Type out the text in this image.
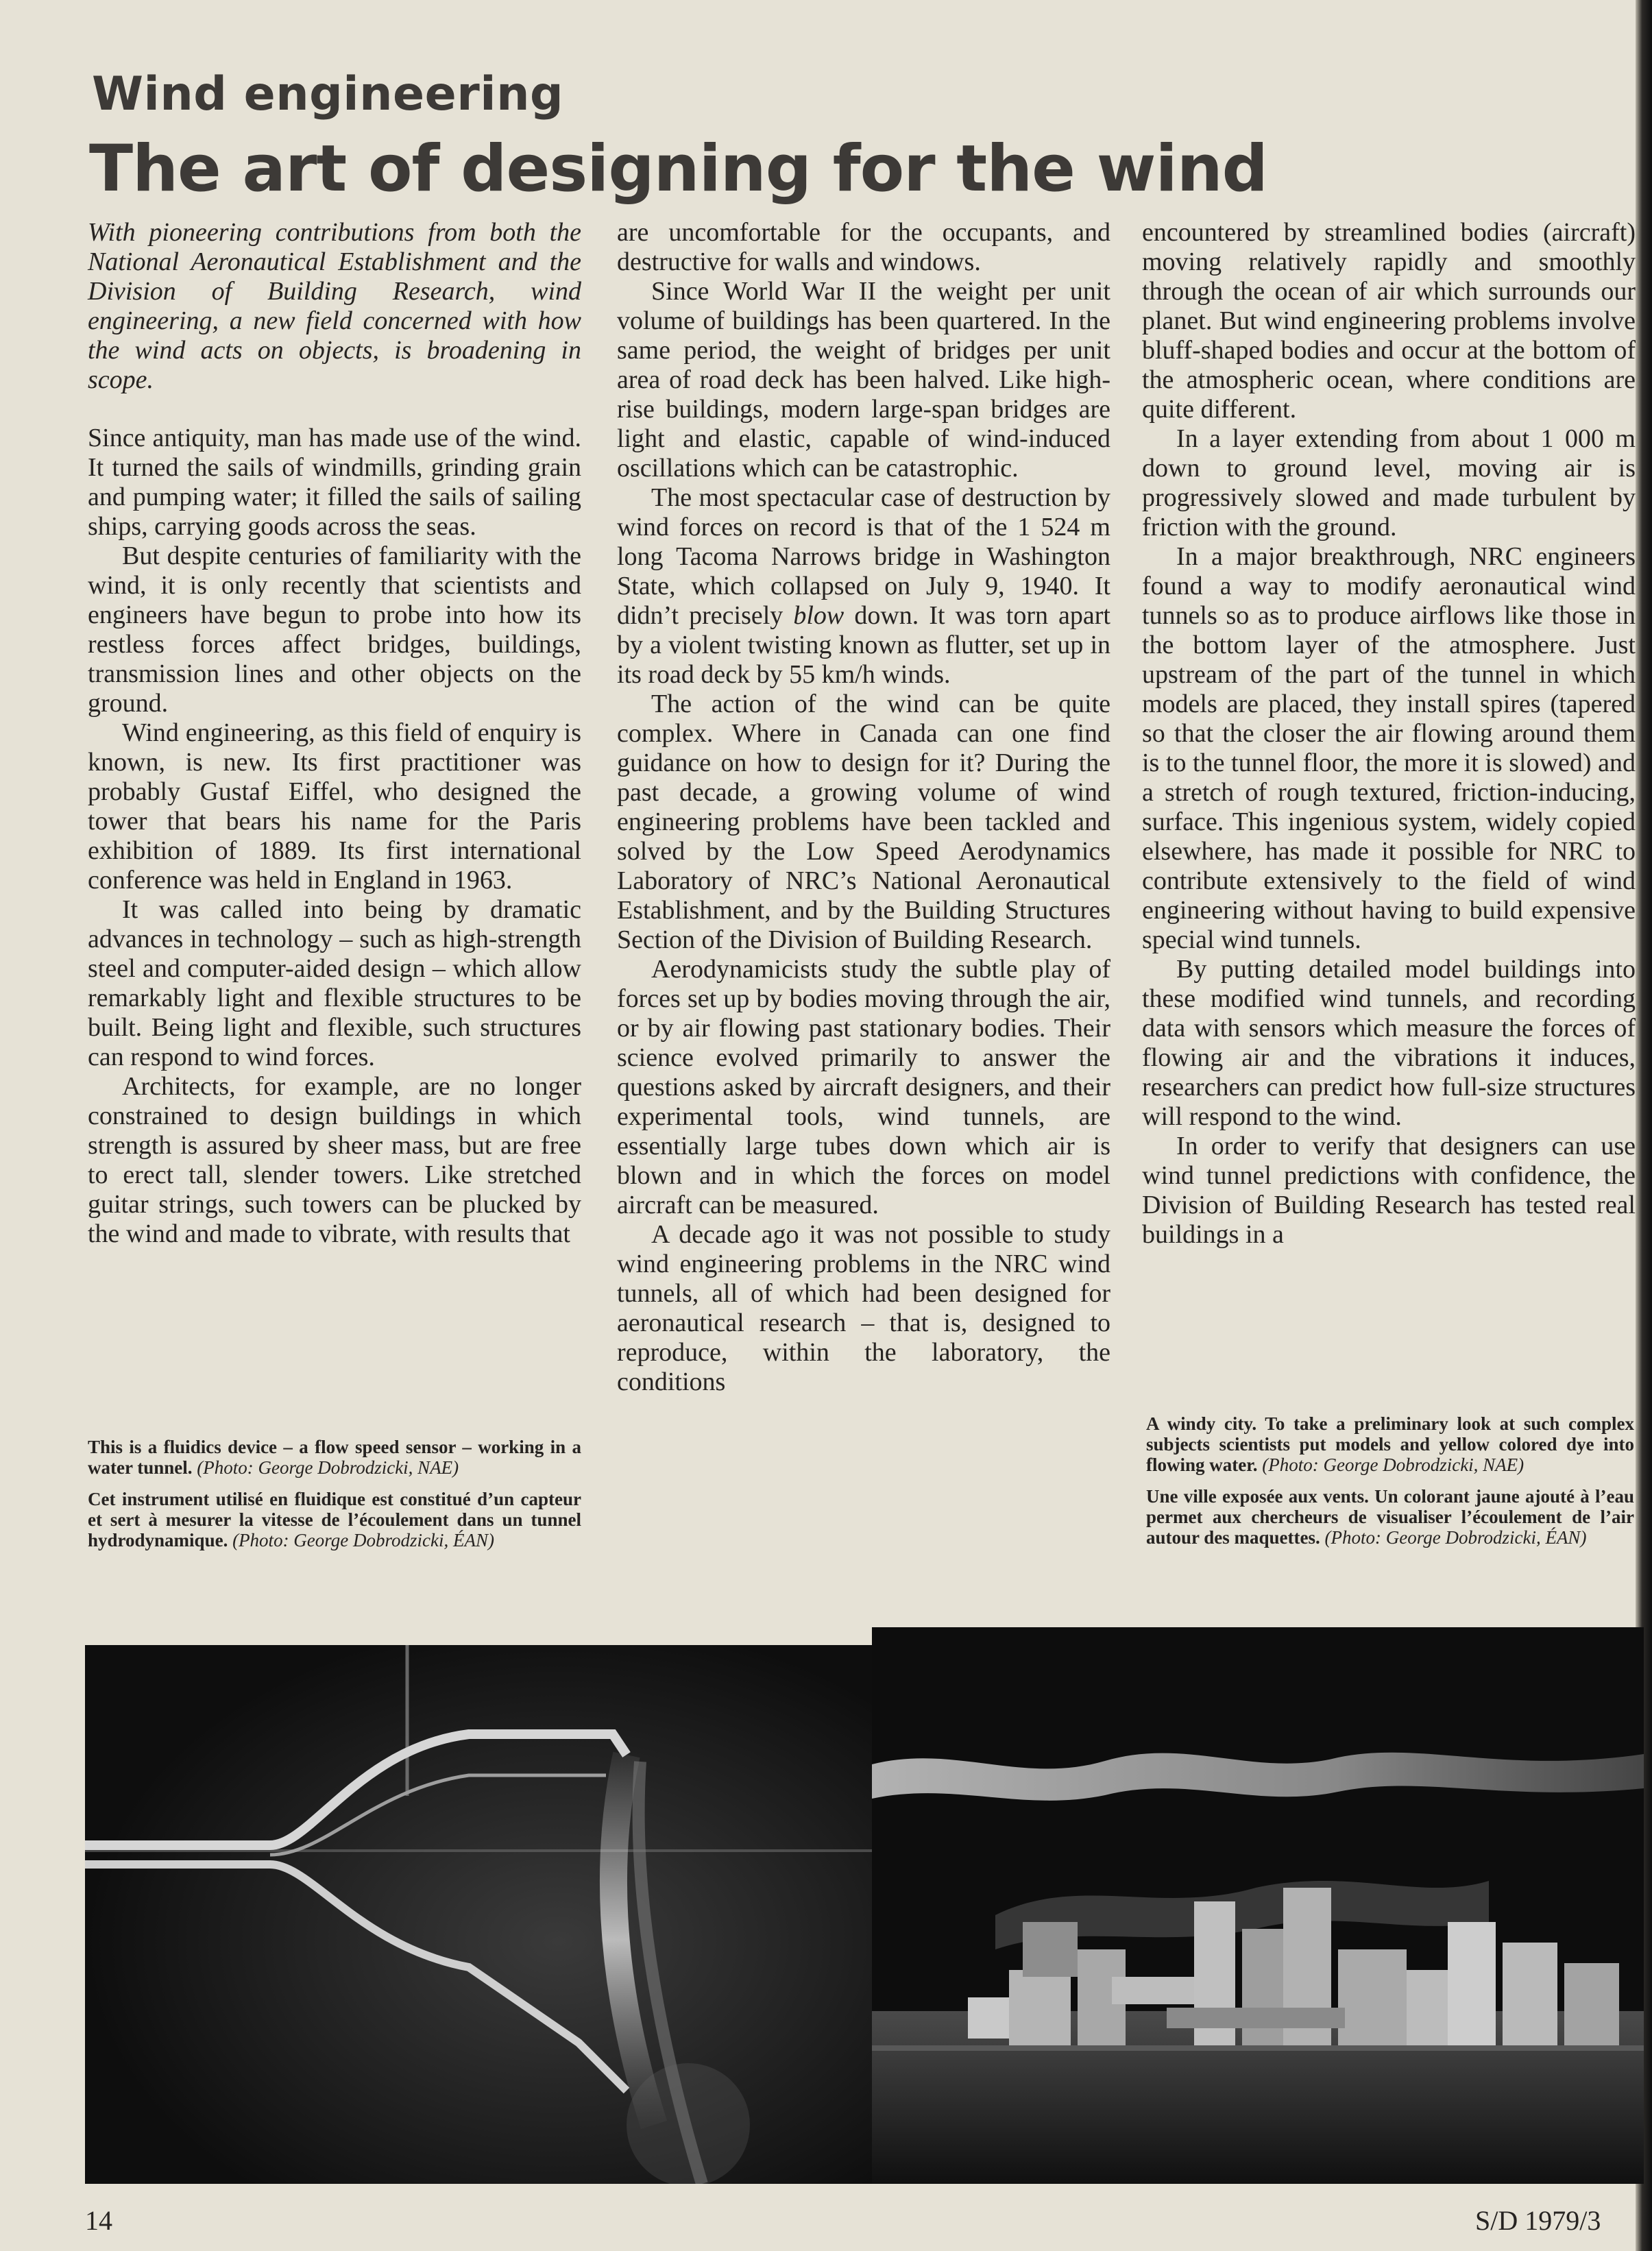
Wind engineering
The art of designing for the wind

With pioneering contributions from both the National Aeronautical Establishment and the Division of Building Research, wind engineering, a new field concerned with how the wind acts on objects, is broadening in scope.

Since antiquity, man has made use of the wind. It turned the sails of windmills, grinding grain and pumping water; it filled the sails of sailing ships, carrying goods across the seas.

But despite centuries of familiarity with the wind, it is only recently that scientists and engineers have begun to probe into how its restless forces affect bridges, buildings, transmission lines and other objects on the ground.

Wind engineering, as this field of enquiry is known, is new. Its first practitioner was probably Gustaf Eiffel, who designed the tower that bears his name for the Paris exhibition of 1889. Its first international conference was held in England in 1963.

It was called into being by dramatic advances in technology – such as high-strength steel and computer-aided design – which allow remarkably light and flexible structures to be built. Being light and flexible, such structures can respond to wind forces.

Architects, for example, are no longer constrained to design buildings in which strength is assured by sheer mass, but are free to erect tall, slender towers. Like stretched guitar strings, such towers can be plucked by the wind and made to vibrate, with results that

are uncomfortable for the occupants, and destructive for walls and windows.

Since World War II the weight per unit volume of buildings has been quartered. In the same period, the weight of bridges per unit area of road deck has been halved. Like high-rise buildings, modern large-span bridges are light and elastic, capable of wind-induced oscillations which can be catastrophic.

The most spectacular case of destruction by wind forces on record is that of the 1 524 m long Tacoma Narrows bridge in Washington State, which collapsed on July 9, 1940. It didn’t precisely blow down. It was torn apart by a violent twisting known as flutter, set up in its road deck by 55 km/h winds.

The action of the wind can be quite complex. Where in Canada can one find guidance on how to design for it? During the past decade, a growing volume of wind engineering problems have been tackled and solved by the Low Speed Aerodynamics Laboratory of NRC’s National Aeronautical Establishment, and by the Building Structures Section of the Division of Building Research.

Aerodynamicists study the subtle play of forces set up by bodies moving through the air, or by air flowing past stationary bodies. Their science evolved primarily to answer the questions asked by aircraft designers, and their experimental tools, wind tunnels, are essentially large tubes down which air is blown and in which the forces on model aircraft can be measured.

A decade ago it was not possible to study wind engineering problems in the NRC wind tunnels, all of which had been designed for aeronautical research – that is, designed to reproduce, within the laboratory, the conditions

encountered by streamlined bodies (aircraft) moving relatively rapidly and smoothly through the ocean of air which surrounds our planet. But wind engineering problems involve bluff-shaped bodies and occur at the bottom of the atmospheric ocean, where conditions are quite different.

In a layer extending from about 1 000 m down to ground level, moving air is progressively slowed and made turbulent by friction with the ground.

In a major breakthrough, NRC engineers found a way to modify aeronautical wind tunnels so as to produce airflows like those in the bottom layer of the atmosphere. Just upstream of the part of the tunnel in which models are placed, they install spires (tapered so that the closer the air flowing around them is to the tunnel floor, the more it is slowed) and a stretch of rough textured, friction-inducing, surface. This ingenious system, widely copied elsewhere, has made it possible for NRC to contribute extensively to the field of wind engineering without having to build expensive special wind tunnels.

By putting detailed model buildings into these modified wind tunnels, and recording data with sensors which measure the forces of flowing air and the vibrations it induces, researchers can predict how full-size structures will respond to the wind.

In order to verify that designers can use wind tunnel predictions with confidence, the Division of Building Research has tested real buildings in a

This is a fluidics device – a flow speed sensor – working in a water tunnel. (Photo: George Dobrodzicki, NAE)

Cet instrument utilisé en fluidique est constitué d’un capteur et sert à mesurer la vitesse de l’écoulement dans un tunnel hydrodynamique. (Photo: George Dobrodzicki, ÉAN)

A windy city. To take a preliminary look at such complex subjects scientists put models and yellow colored dye into flowing water. (Photo: George Dobrodzicki, NAE)

Une ville exposée aux vents. Un colorant jaune ajouté à l’eau permet aux chercheurs de visualiser l’écoulement de l’air autour des maquettes. (Photo: George Dobrodzicki, ÉAN)

14	S/D 1979/3
